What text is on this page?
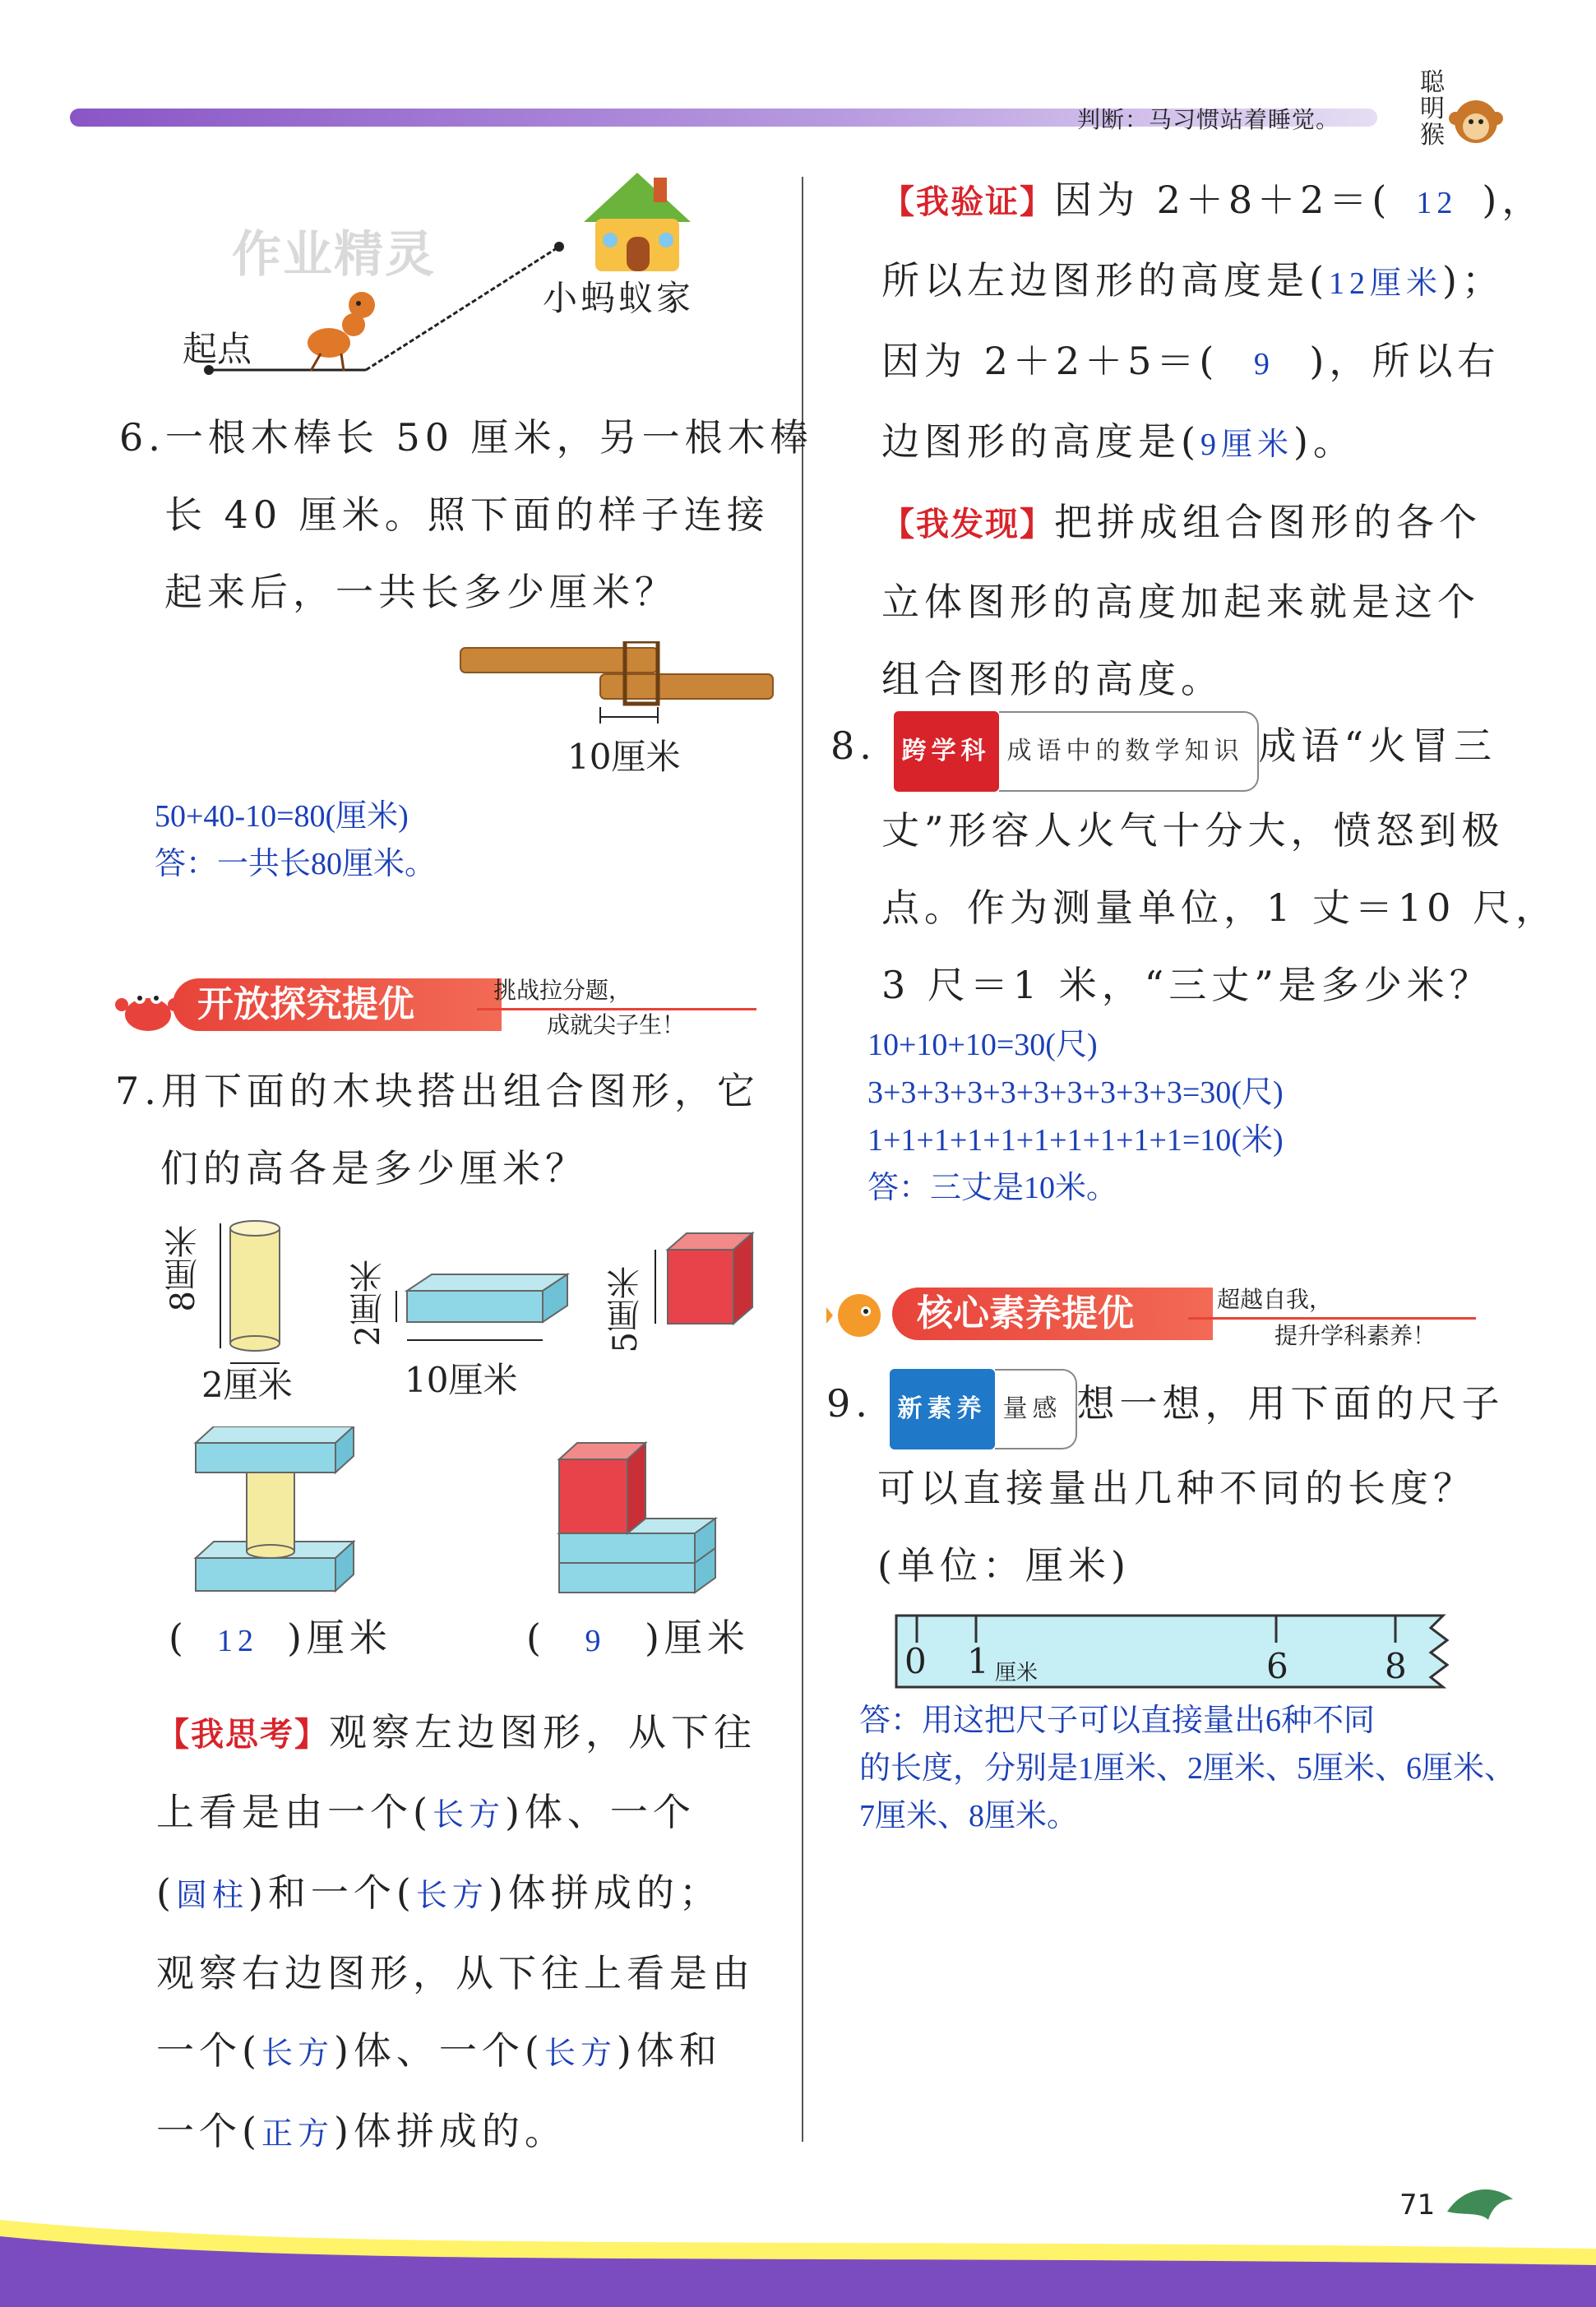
判断：马习惯站着睡觉。
聪
明
猴
作业精灵
起点
小蚂蚁家
6.一根木棒长 50 厘米，另一根木棒
长 40 厘米。照下面的样子连接
起来后，一共长多少厘米？
10厘米
50+40-10=80(厘米)
答：一共长80厘米。
开放探究提优	挑战拉分题，
成就尖子生！
7.用下面的木块搭出组合图形，它
们的高各是多少厘米？
8厘米
2厘米
2厘米
10厘米
5厘米
( 12 )厘米	( 9 )厘米
【我思考】观察左边图形，从下往
上看是由一个(长方)体、一个
(圆柱)和一个(长方)体拼成的；
观察右边图形，从下往上看是由
一个(长方)体、一个(长方)体和
一个(正方)体拼成的。
【我验证】因为 2＋8＋2＝( 12 )，
所以左边图形的高度是(12厘米)；
因为 2＋2＋5＝( 9 )，所以右
边图形的高度是(9厘米)。
【我发现】把拼成组合图形的各个
立体图形的高度加起来就是这个
组合图形的高度。
8. 跨学科 成语中的数学知识 成语“火冒三
丈”形容人火气十分大，愤怒到极
点。作为测量单位，1 丈＝10 尺，
3 尺＝1 米，“三丈”是多少米？
10+10+10=30(尺)
3+3+3+3+3+3+3+3+3+3=30(尺)
1+1+1+1+1+1+1+1+1+1=10(米)
答：三丈是10米。
核心素养提优	超越自我，
提升学科素养！
9. 新素养 量感 想一想，用下面的尺子
可以直接量出几种不同的长度？
(单位：厘米)
0 1 厘米	6	8
答：用这把尺子可以直接量出6种不同
的长度，分别是1厘米、2厘米、5厘米、6厘米、
7厘米、8厘米。
71
